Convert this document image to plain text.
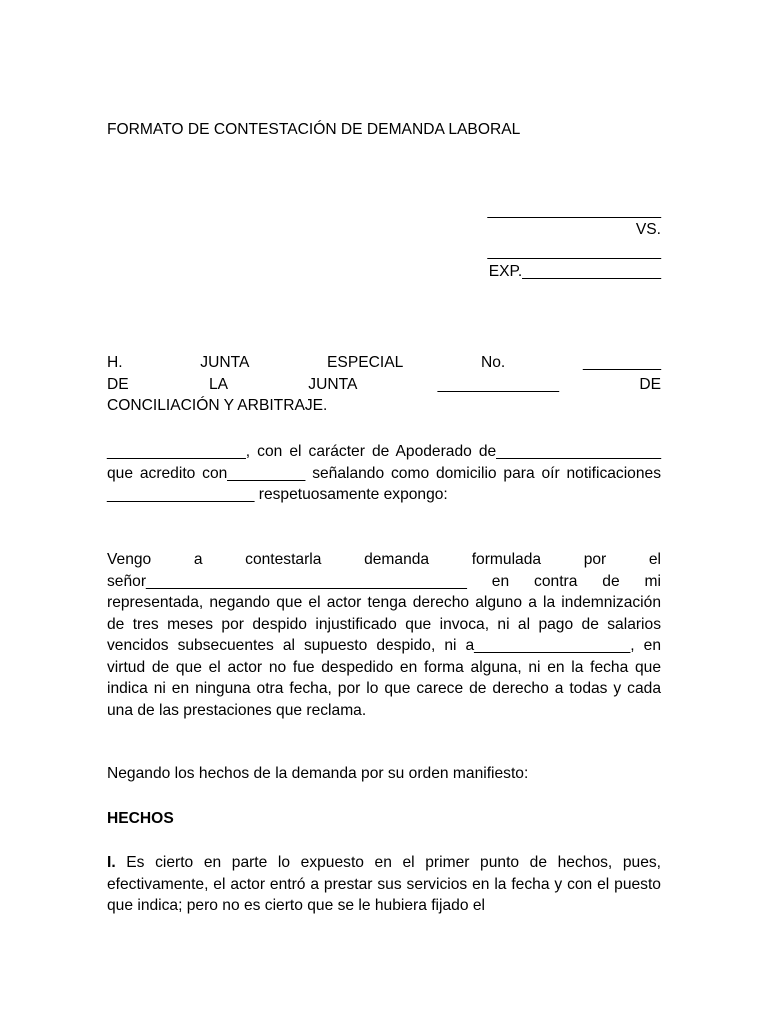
FORMATO DE CONTESTACIÓN DE DEMANDA LABORAL
____________________
VS.
____________________
EXP.________________
H.	JUNTA	ESPECIAL	No.	_________
DE	LA	JUNTA	______________	DE
CONCILIACIÓN Y ARBITRAJE.

________________, con el carácter de Apoderado de___________________ que acredito con_________ señalando como domicilio para oír notificaciones _________________ respetuosamente expongo:

Vengo a contestarla demanda formulada por el señor_____________________________________ en contra de mi representada, negando que el actor tenga derecho alguno a la indemnización de tres meses por despido injustificado que invoca, ni al pago de salarios vencidos subsecuentes al supuesto despido, ni a__________________, en virtud de que el actor no fue despedido en forma alguna, ni en la fecha que indica ni en ninguna otra fecha, por lo que carece de derecho a todas y cada una de las prestaciones que reclama.

Negando los hechos de la demanda por su orden manifiesto:
HECHOS

I. Es cierto en parte lo expuesto en el primer punto de hechos, pues, efectivamente, el actor entró a prestar sus servicios en la fecha y con el puesto que indica; pero no es cierto que se le hubiera fijado el
